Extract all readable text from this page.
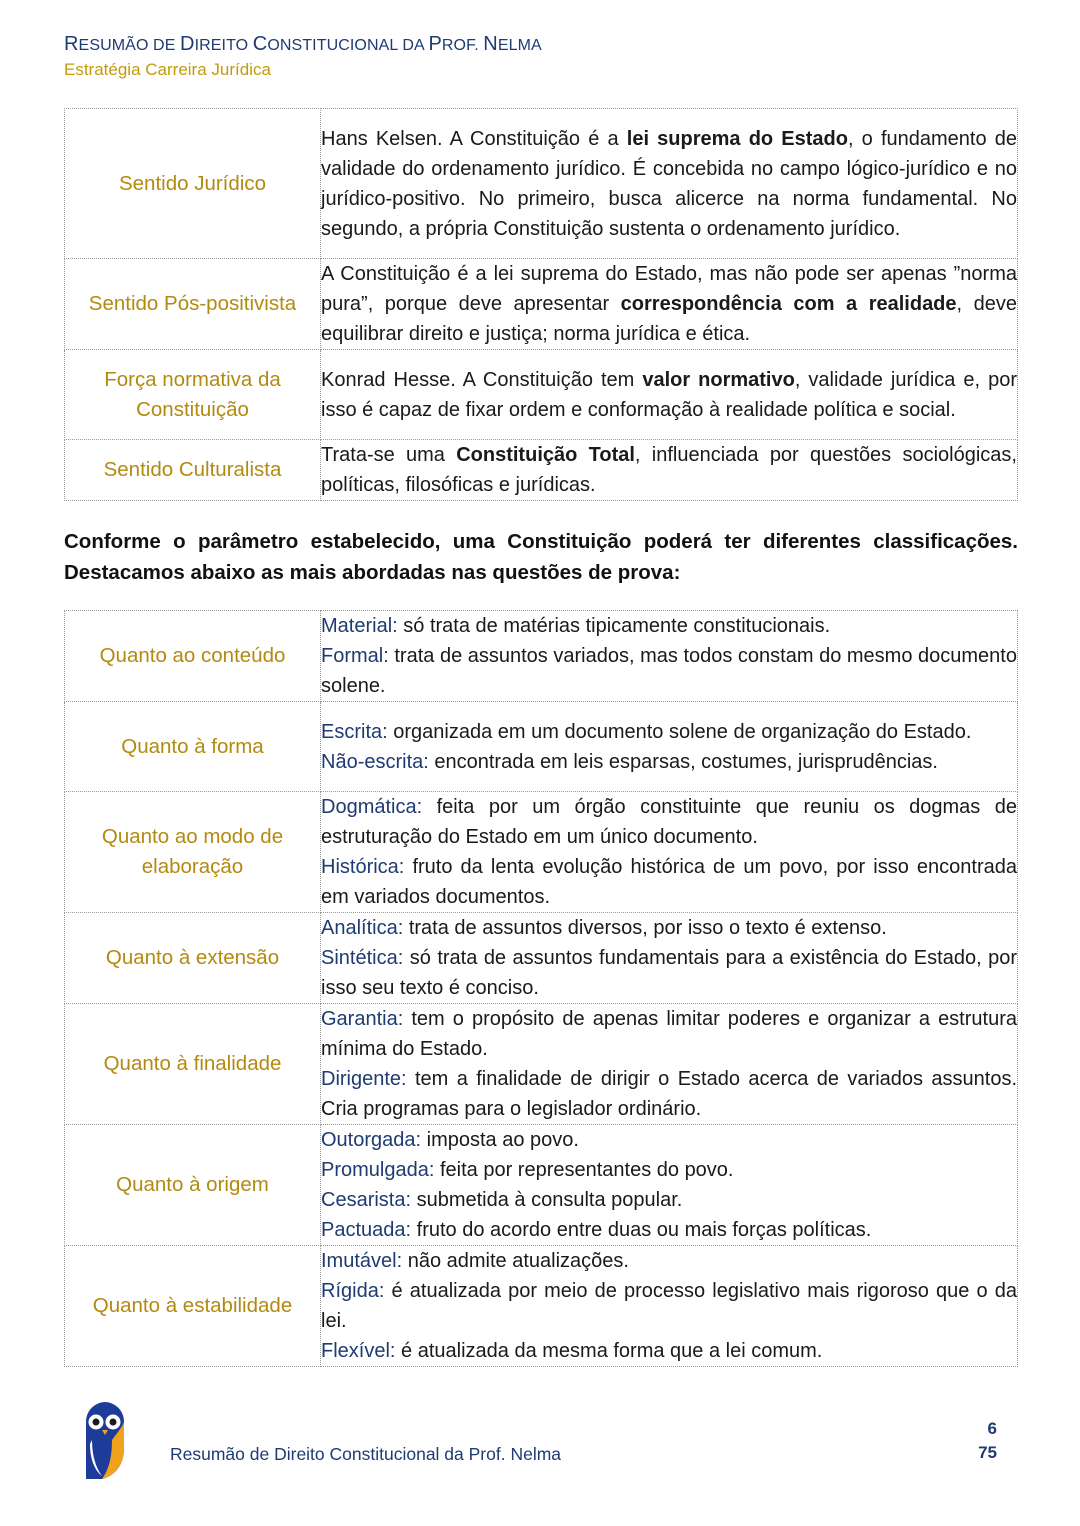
RESUMÃO DE DIREITO CONSTITUCIONAL DA PROF. NELMA
Estratégia Carreira Jurídica
Sentido Jurídico	Hans Kelsen. A Constituição é a lei suprema do Estado, o fundamento de validade do ordenamento jurídico. É concebida no campo lógico-jurídico e no jurídico-positivo. No primeiro, busca alicerce na norma fundamental. No segundo, a própria Constituição sustenta o ordenamento jurídico.
Sentido Pós-positivista	A Constituição é a lei suprema do Estado, mas não pode ser apenas ”norma pura”, porque deve apresentar correspondência com a realidade, deve equilibrar direito e justiça; norma jurídica e ética.
Força normativa da Constituição	Konrad Hesse. A Constituição tem valor normativo, validade jurídica e, por isso é capaz de fixar ordem e conformação à realidade política e social.
Sentido Culturalista	Trata-se uma Constituição Total, influenciada por questões sociológicas, políticas, filosóficas e jurídicas.
Conforme o parâmetro estabelecido, uma Constituição poderá ter diferentes classificações. Destacamos abaixo as mais abordadas nas questões de prova:
Quanto ao conteúdo	Material: só trata de matérias tipicamente constitucionais.
Formal: trata de assuntos variados, mas todos constam do mesmo documento solene.

Quanto à forma	Escrita: organizada em um documento solene de organização do Estado.
Não-escrita: encontrada em leis esparsas, costumes, jurisprudências.

Quanto ao modo de elaboração	Dogmática: feita por um órgão constituinte que reuniu os dogmas de estruturação do Estado em um único documento.
Histórica: fruto da lenta evolução histórica de um povo, por isso encontrada em variados documentos.

Quanto à extensão	Analítica: trata de assuntos diversos, por isso o texto é extenso.
Sintética: só trata de assuntos fundamentais para a existência do Estado, por isso seu texto é conciso.

Quanto à finalidade	Garantia: tem o propósito de apenas limitar poderes e organizar a estrutura mínima do Estado.
Dirigente: tem a finalidade de dirigir o Estado acerca de variados assuntos. Cria programas para o legislador ordinário.

Quanto à origem	Outorgada: imposta ao povo.
Promulgada: feita por representantes do povo.
Cesarista: submetida à consulta popular.
Pactuada: fruto do acordo entre duas ou mais forças políticas.

Quanto à estabilidade	Imutável: não admite atualizações.
Rígida: é atualizada por meio de processo legislativo mais rigoroso que o da lei.
Flexível: é atualizada da mesma forma que a lei comum.
Resumão de Direito Constitucional da Prof. Nelma
6
75
